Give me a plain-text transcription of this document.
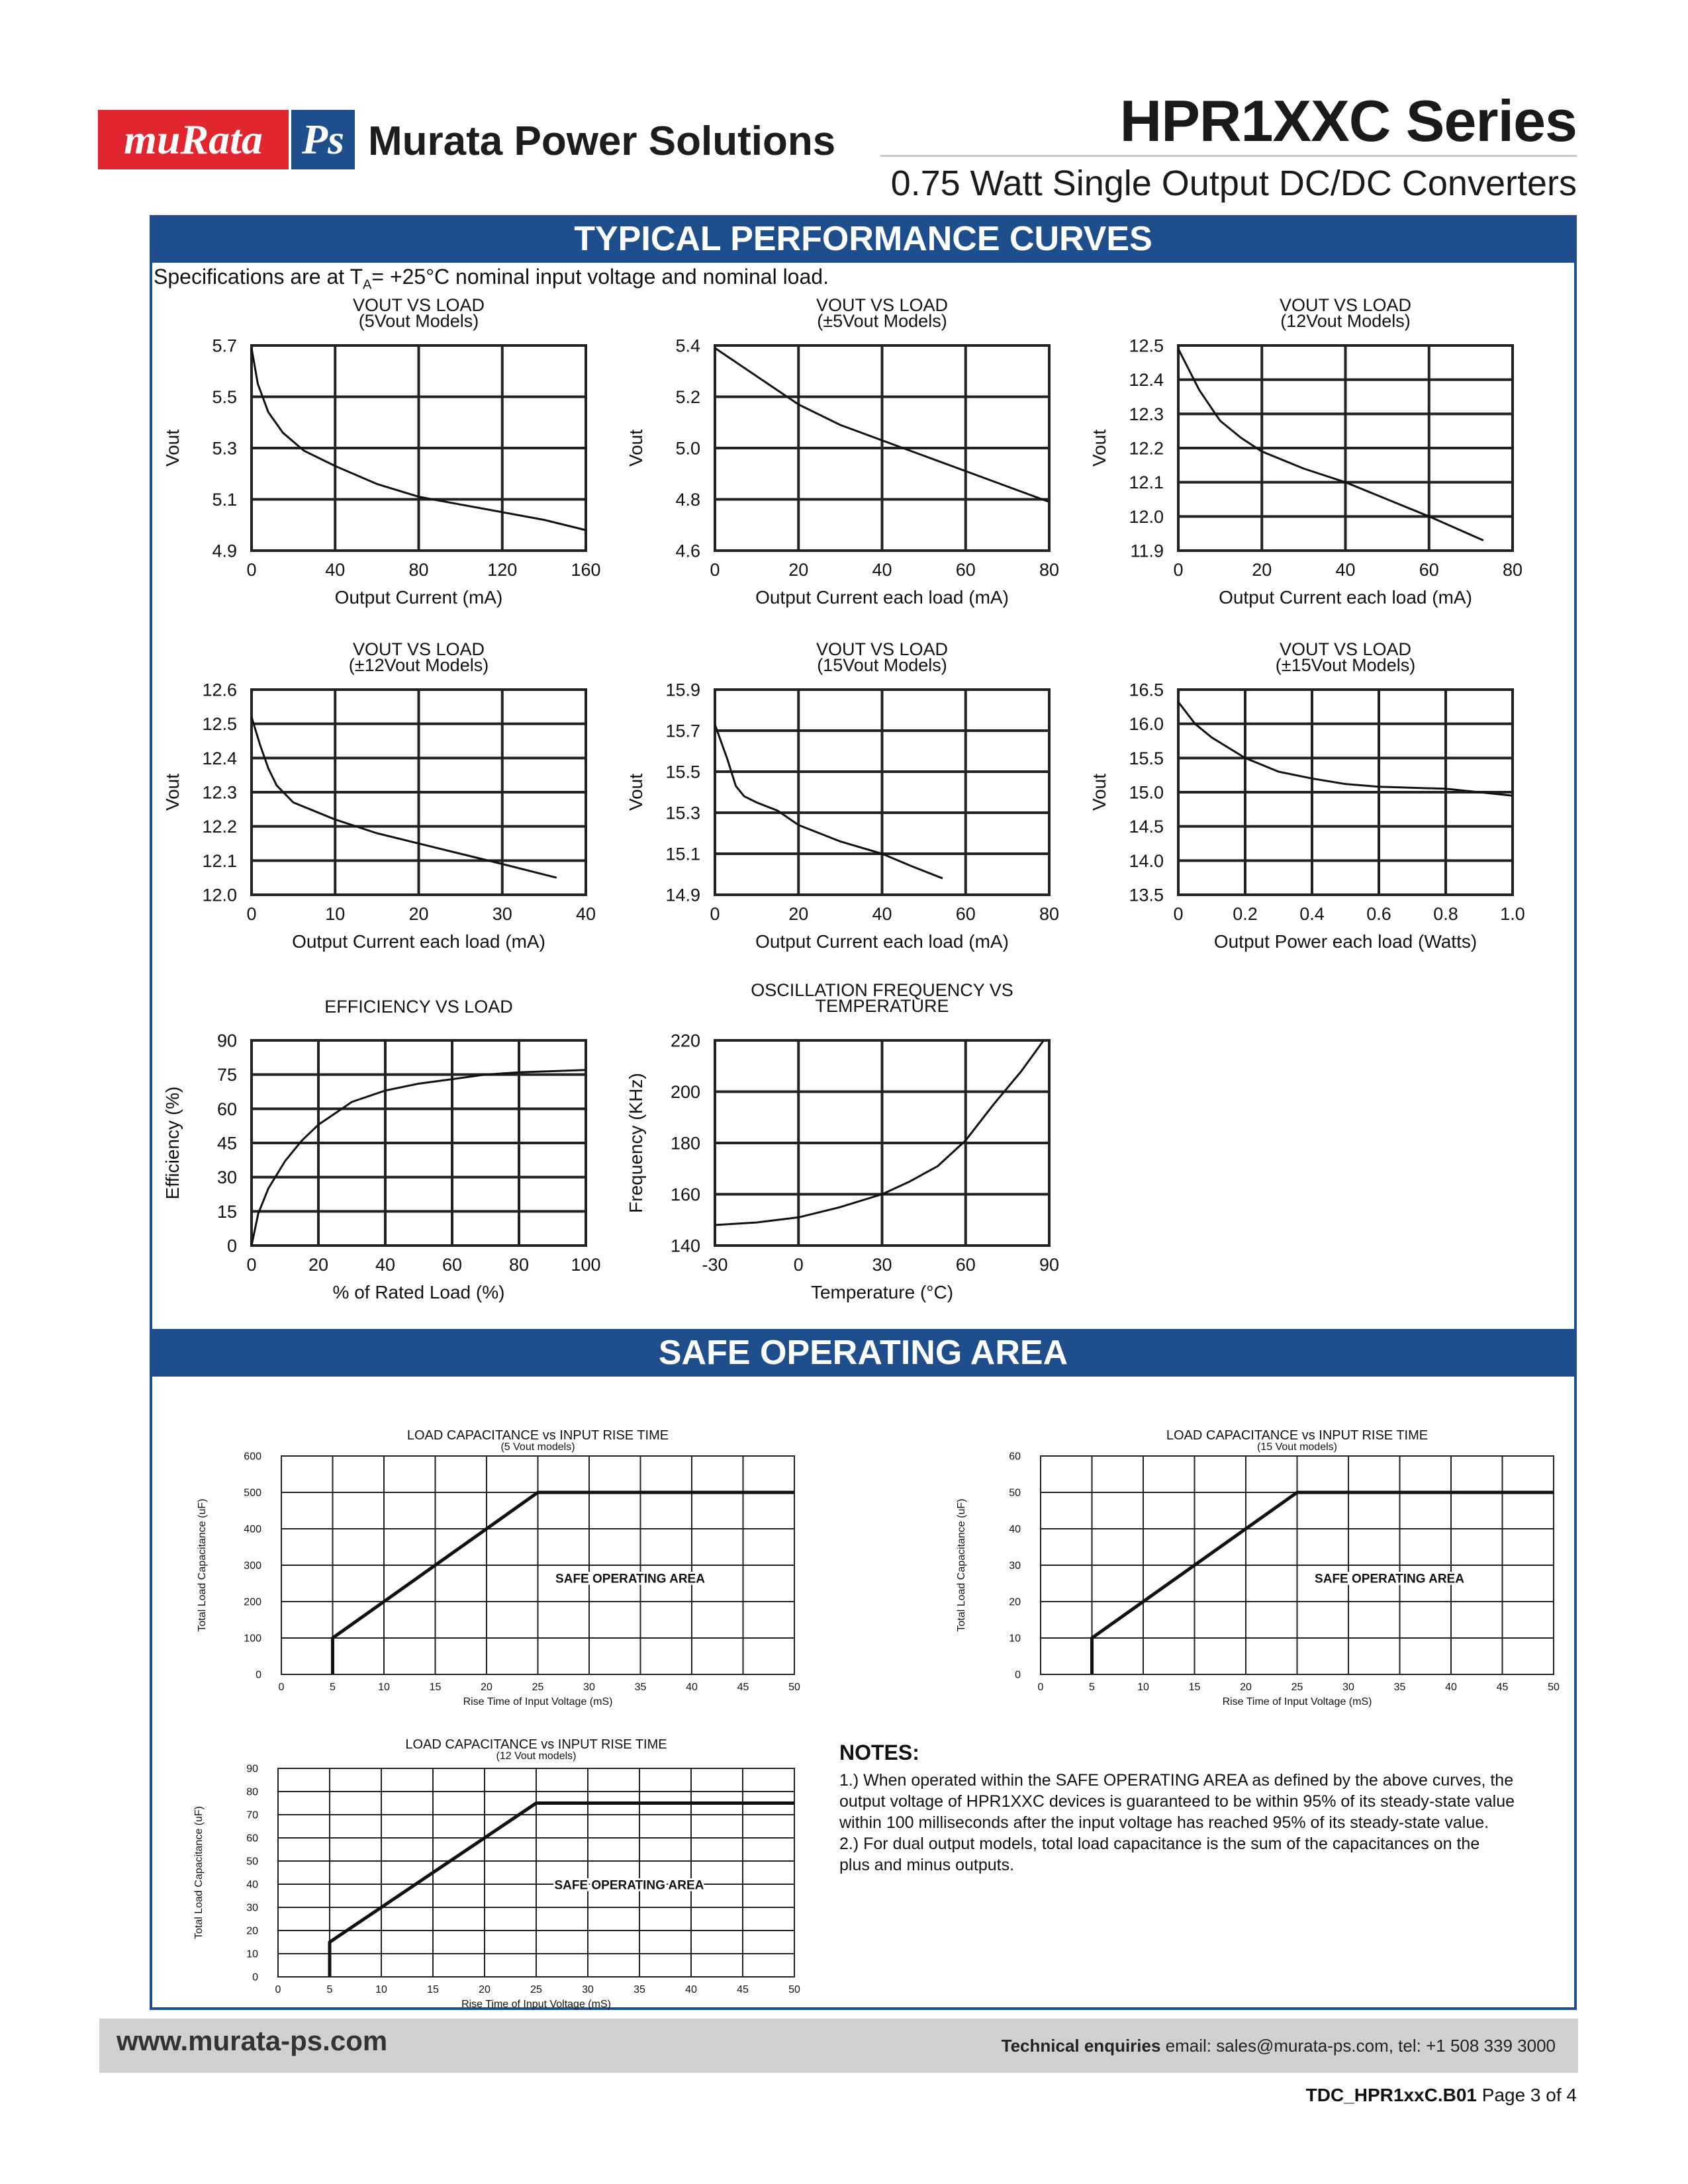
muRata Ps Murata Power Solutions	HPR1XXC Series
0.75 Watt Single Output DC/DC Converters
TYPICAL PERFORMANCE CURVES
SAFE OPERATING AREA
Specifications are at $T_A= +25^\circ C$ nominal input voltage and nominal load.
0	40	80	120	160
5.7
5.5
5.3
5.1
4.9
VOUT VS LOAD
(5Vout Models)
Output Current (mA)
Vout
0	20	40	60	80
5.4
5.2
5.0
4.8
4.6
VOUT VS LOAD
(±5Vout Models)
Output Current each load (mA)
Vout
0	20	40	60	80
12.5
12.4
12.3
12.2
12.1
12.0
11.9
VOUT VS LOAD
(12Vout Models)
Output Current each load (mA)
Vout
0	10	20	30	40
12.6
12.5
12.4
12.3
12.2
12.1
12.0
VOUT VS LOAD
(±12Vout Models)
Output Current each load (mA)
Vout
0	20	40	60	80
15.9
15.7
15.5
15.3
15.1
14.9
VOUT VS LOAD
(15Vout Models)
Output Current each load (mA)
Vout
0	0.2 0.4 0.6 0.8 1.0
16.5
16.0
15.5
15.0
14.5
14.0
13.5
VOUT VS LOAD
(±15Vout Models)
Output Power each load (Watts)
Vout
0	20	40	60	80 100
90
75
60
45
30
15
0
EFFICIENCY VS LOAD
% of Rated Load (%)
Efficiency (%)
-30	0	30	60	90
220
200
180
160
140
OSCILLATION FREQUENCY VS
TEMPERATURE
Temperature (°C)
Frequency (KHz)
0	5	10	15	20	25	30	35	40	45	50
600
500
400
300
200
100
0
LOAD CAPACITANCE vs INPUT RISE TIME
(5 Vout models)
Rise Time of Input Voltage (mS)
Total Load Capacitance (uF)	SAFE OPERATING AREA
0	5	10	15	20	25	30	35	40	45	50
60
50
40
30
20
10
0
LOAD CAPACITANCE vs INPUT RISE TIME
(15 Vout models)
Rise Time of Input Voltage (mS)
Total Load Capacitance (uF)	SAFE OPERATING AREA
0	5	10	15	20	25	30	35	40	45	50
90
80
70
60
50
40
30
20
10
0
LOAD CAPACITANCE vs INPUT RISE TIME
(12 Vout models)
Rise Time of Input Voltage (mS)
Total Load Capacitance (uF)	SAFE OPERATING AREA
NOTES:
1.) When operated within the SAFE OPERATING AREA as defined by the above curves, the
output voltage of HPR1XXC devices is guaranteed to be within 95% of its steady-state value
within 100 milliseconds after the input voltage has reached 95% of its steady-state value.
2.) For dual output models, total load capacitance is the sum of the capacitances on the
plus and minus outputs.
www.murata-ps.com	Technical enquiries email: sales@murata-ps.com, tel: +1 508 339 3000
TDC_HPR1xxC.B01 Page 3 of 4
